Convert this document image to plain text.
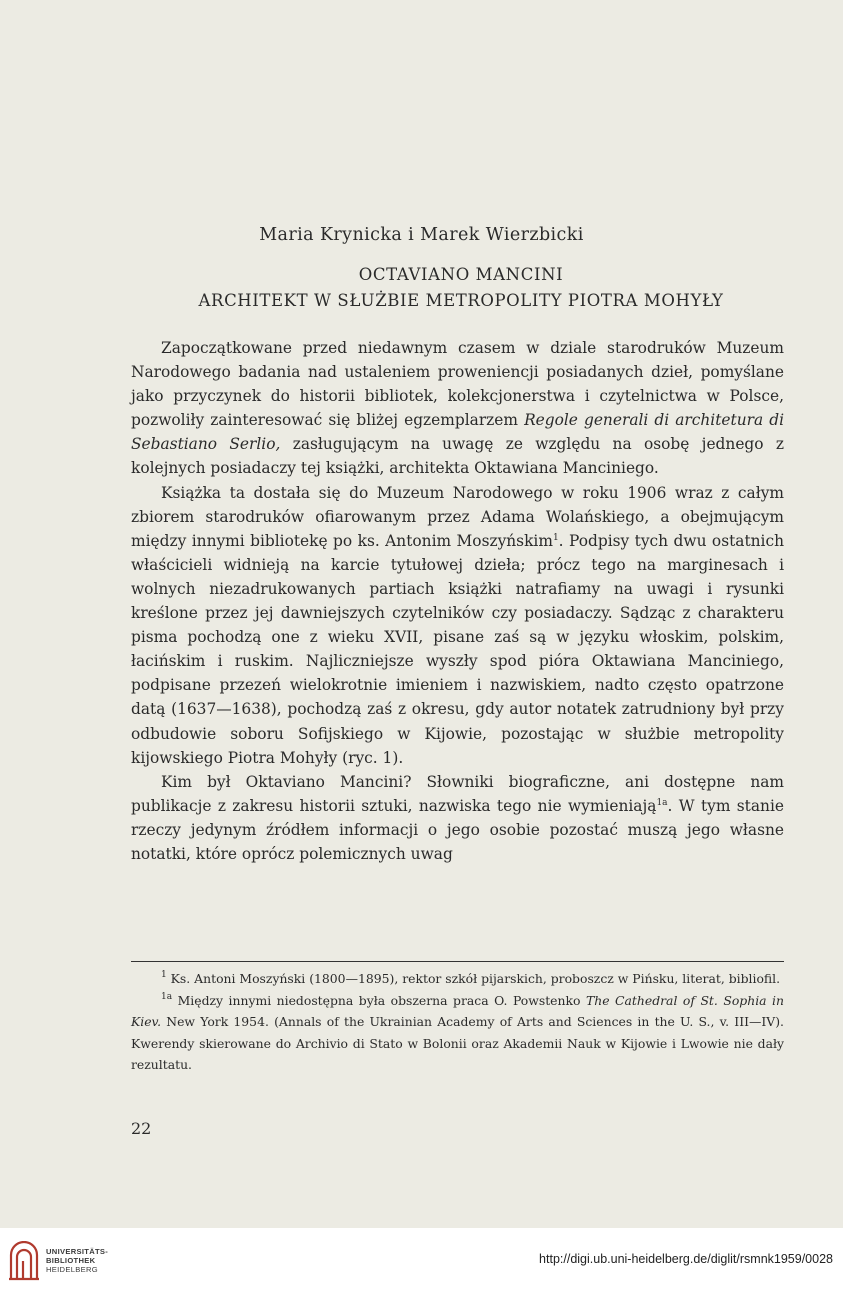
Maria Krynicka i Marek Wierzbicki
OCTAVIANO MANCINI
ARCHITEKT W SŁUŻBIE METROPOLITY PIOTRA MOHYŁY

Zapoczątkowane przed niedawnym czasem w dziale starodruków Muzeum Narodowego badania nad ustaleniem proweniencji posiadanych dzieł, pomyślane jako przyczynek do historii bibliotek, kolekcjonerstwa i czytelnictwa w Polsce, pozwoliły zainteresować się bliżej egzemplarzem Regole generali di architetura di Sebastiano Serlio, zasługującym na uwagę ze względu na osobę jednego z kolejnych posiadaczy tej książki, architekta Oktawiana Manciniego.

Książka ta dostała się do Muzeum Narodowego w roku 1906 wraz z całym zbiorem starodruków ofiarowanym przez Adama Wolańskiego, a obejmującym między innymi bibliotekę po ks. Antonim Moszyńskim$^1$. Podpisy tych dwu ostatnich właścicieli widnieją na karcie tytułowej dzieła; prócz tego na marginesach i wolnych niezadrukowanych partiach książki natrafiamy na uwagi i rysunki kreślone przez jej dawniejszych czytelników czy posiadaczy. Sądząc z charakteru pisma pochodzą one z wieku XVII, pisane zaś są w języku włoskim, polskim, łacińskim i ruskim. Najliczniejsze wyszły spod pióra Oktawiana Manciniego, podpisane przezeń wielokrotnie imieniem i nazwiskiem, nadto często opatrzone datą (1637—1638), pochodzą zaś z okresu, gdy autor notatek zatrudniony był przy odbudowie soboru Sofijskiego w Kijowie, pozostając w służbie metropolity kijowskiego Piotra Mohyły (ryc. 1).

Kim był Oktaviano Mancini? Słowniki biograficzne, ani dostępne nam publikacje z zakresu historii sztuki, nazwiska tego nie wymieniają$^{1a}$. W tym stanie rzeczy jedynym źródłem informacji o jego osobie pozostać muszą jego własne notatki, które oprócz polemicznych uwag

$^1$ Ks. Antoni Moszyński (1800—1895), rektor szkół pijarskich, proboszcz w Pińsku, literat, bibliofil.

$^{1a}$ Między innymi niedostępna była obszerna praca O. Powstenko The Cathedral of St. Sophia in Kiev. New York 1954. (Annals of the Ukrainian Academy of Arts and Sciences in the U. S., v. III—IV). Kwerendy skierowane do Archivio di Stato w Bolonii oraz Akademii Nauk w Kijowie i Lwowie nie dały rezultatu.

22
UNIVERSITÄTS-
BIBLIOTHEK
HEIDELBERG
http://digi.ub.uni-heidelberg.de/diglit/rsmnk1959/0028
